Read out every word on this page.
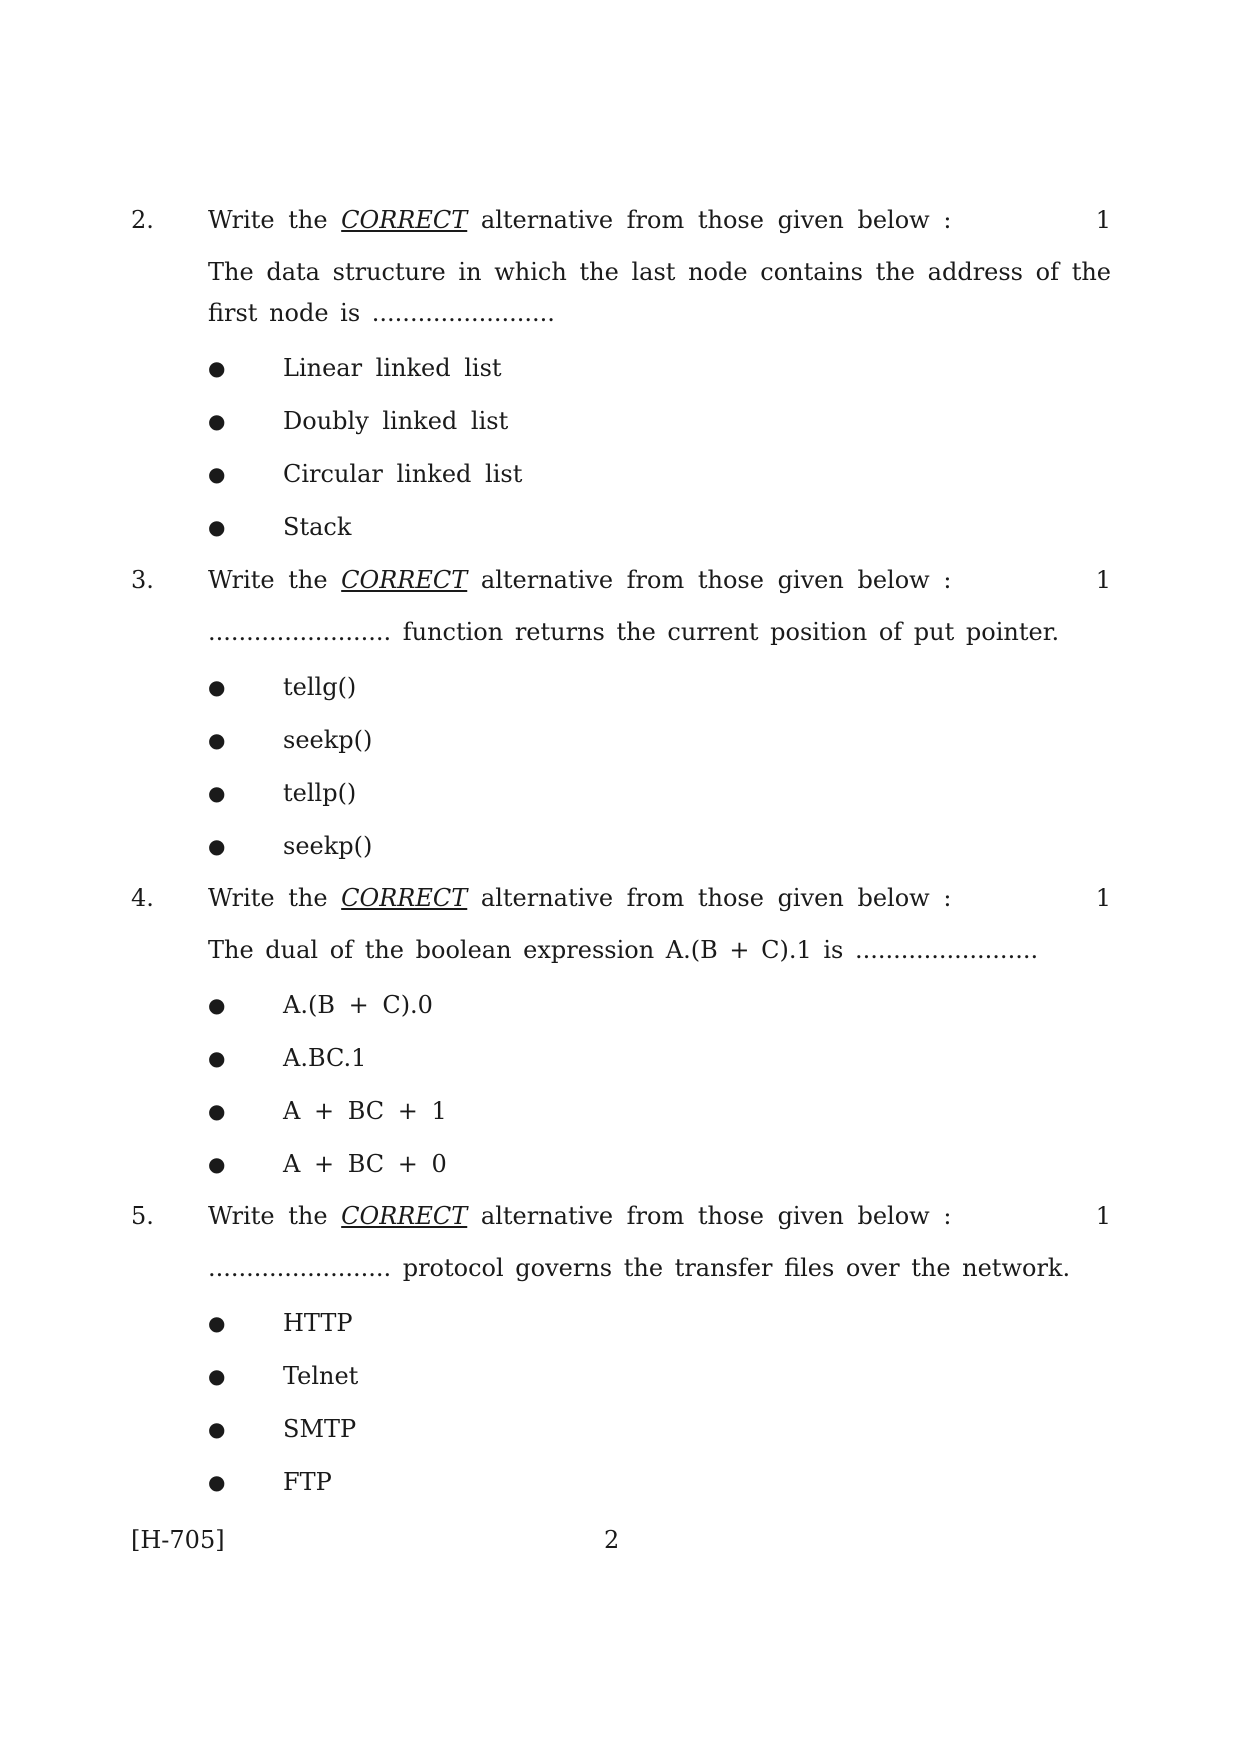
2. Write the CORRECT alternative from those given below :	1
The data structure in which the last node contains the address of the first node is ........................
● Linear linked list
● Doubly linked list
● Circular linked list
● Stack
3. Write the CORRECT alternative from those given below :	1
........................ function returns the current position of put pointer.
● tellg()
● seekp()
● tellp()
● seekp()
4. Write the CORRECT alternative from those given below :	1
The dual of the boolean expression A.(B + C).1 is ........................
● A.(B + C).0
● A.BC.1
● A + BC + 1
● A + BC + 0
5. Write the CORRECT alternative from those given below :	1
........................ protocol governs the transfer files over the network.
● HTTP
● Telnet
● SMTP
● FTP
[H-705]	2
